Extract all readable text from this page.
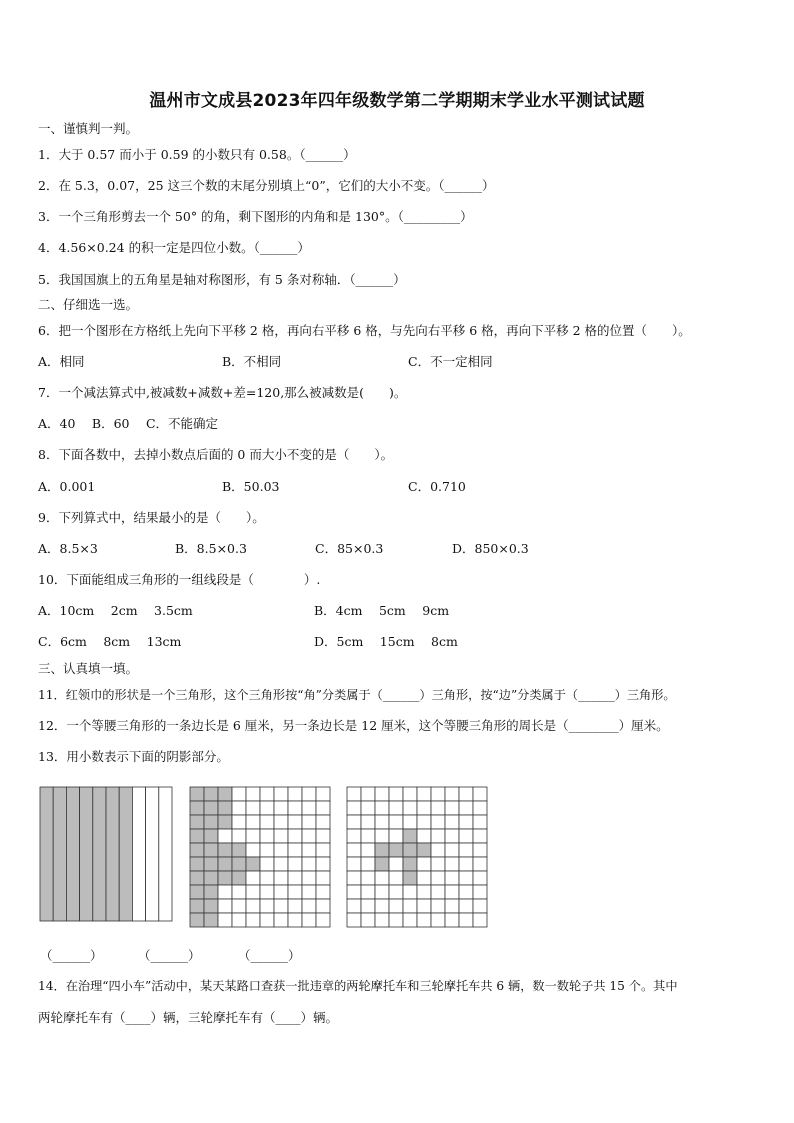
温州市文成县2023年四年级数学第二学期期末学业水平测试试题
一、谨慎判一判。
1．大于 0.57 而小于 0.59 的小数只有 0.58。（______）
2．在 5.3，0.07，25 这三个数的末尾分别填上“0”，它们的大小不变。（______）
3．一个三角形剪去一个 50° 的角，剩下图形的内角和是 130°。（_________）
4．4.56×0.24 的积一定是四位小数。（______）
5．我国国旗上的五角星是轴对称图形，有 5 条对称轴．（______）
二、仔细选一选。
6．把一个图形在方格纸上先向下平移 2 格，再向右平移 6 格，与先向右平移 6 格，再向下平移 2 格的位置（　　）。
A．相同	B．不相同	C．不一定相同
7．一个减法算式中,被减数+减数+差=120,那么被减数是(　　)。
A．40　 B．60　 C．不能确定
8．下面各数中，去掉小数点后面的 0 而大小不变的是（　　）。
A．0.001	B．50.03	C．0.710
9．下列算式中，结果最小的是（　　）。
A．8.5×3	B．8.5×0.3	C．85×0.3	D．850×0.3
10．下面能组成三角形的一组线段是（　　　　）.
A．10cm　 2cm　 3.5cm	B．4cm　 5cm　 9cm
C．6cm　 8cm　 13cm	D．5cm　 15cm　 8cm
三、认真填一填。
11．红领巾的形状是一个三角形，这个三角形按“角”分类属于（______）三角形，按“边”分类属于（______）三角形。
12．一个等腰三角形的一条边长是 6 厘米，另一条边长是 12 厘米，这个等腰三角形的周长是（________）厘米。
13．用小数表示下面的阴影部分。
（______）	（______）	（______）
14．在治理“四小车”活动中，某天某路口查获一批违章的两轮摩托车和三轮摩托车共 6 辆，数一数轮子共 15 个。其中
两轮摩托车有（____）辆，三轮摩托车有（____）辆。
